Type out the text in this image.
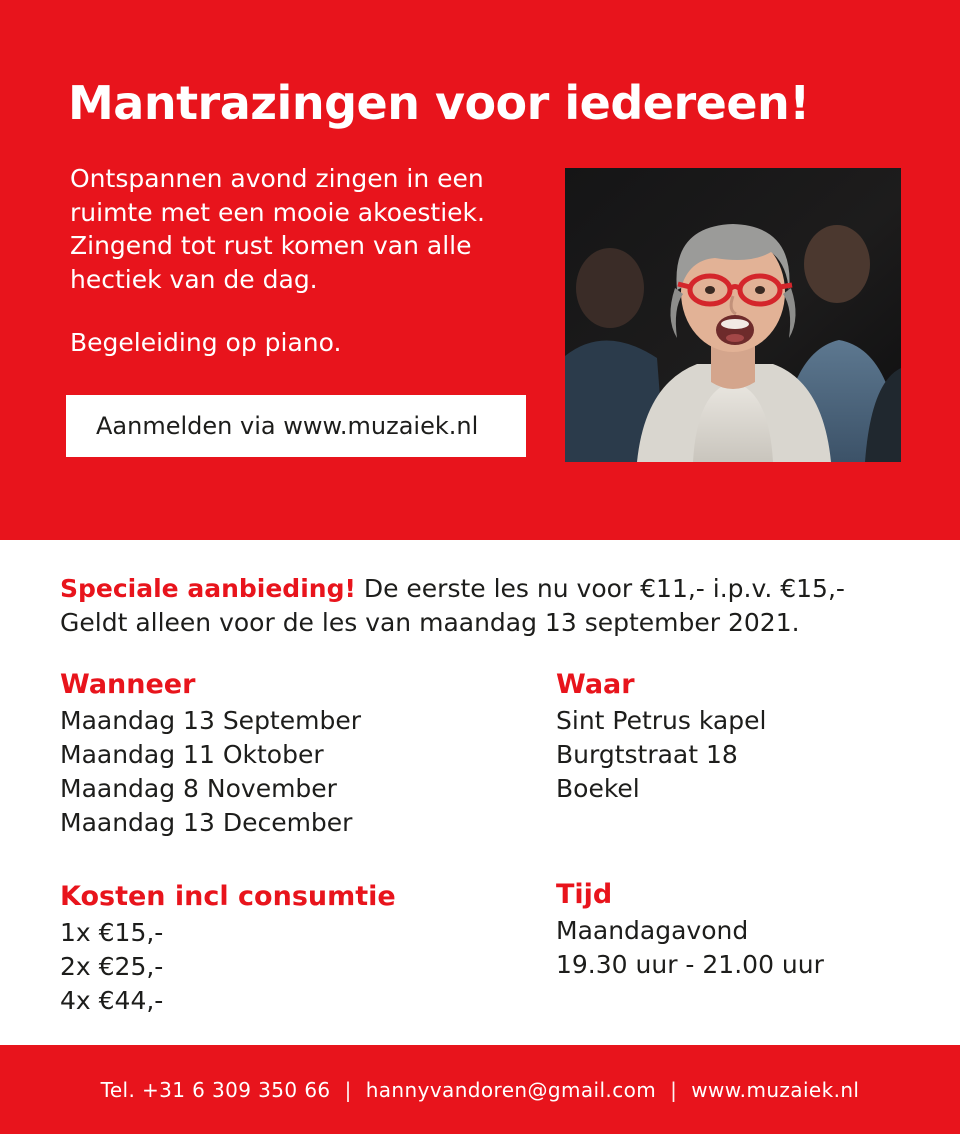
Mantrazingen voor iedereen!

Ontspannen avond zingen in een

ruimte met een mooie akoestiek.

Zingend tot rust komen van alle

hectiek van de dag.

Begeleiding op piano.

Aanmelden via www.muzaiek.nl
Speciale aanbieding! De eerste les nu voor €11,- i.p.v. €15,-
Geldt alleen voor de les van maandag 13 september 2021.

Wanneer

Maandag 13 September

Maandag 11 Oktober

Maandag 8 November

Maandag 13 December

Kosten incl consumtie

1x €15,-

2x €25,-

4x €44,-

Waar

Sint Petrus kapel

Burgtstraat 18

Boekel

Tijd

Maandagavond

19.30 uur - 21.00 uur

Tel. +31 6 309 350 66 | hannyvandoren@gmail.com | www.muzaiek.nl
